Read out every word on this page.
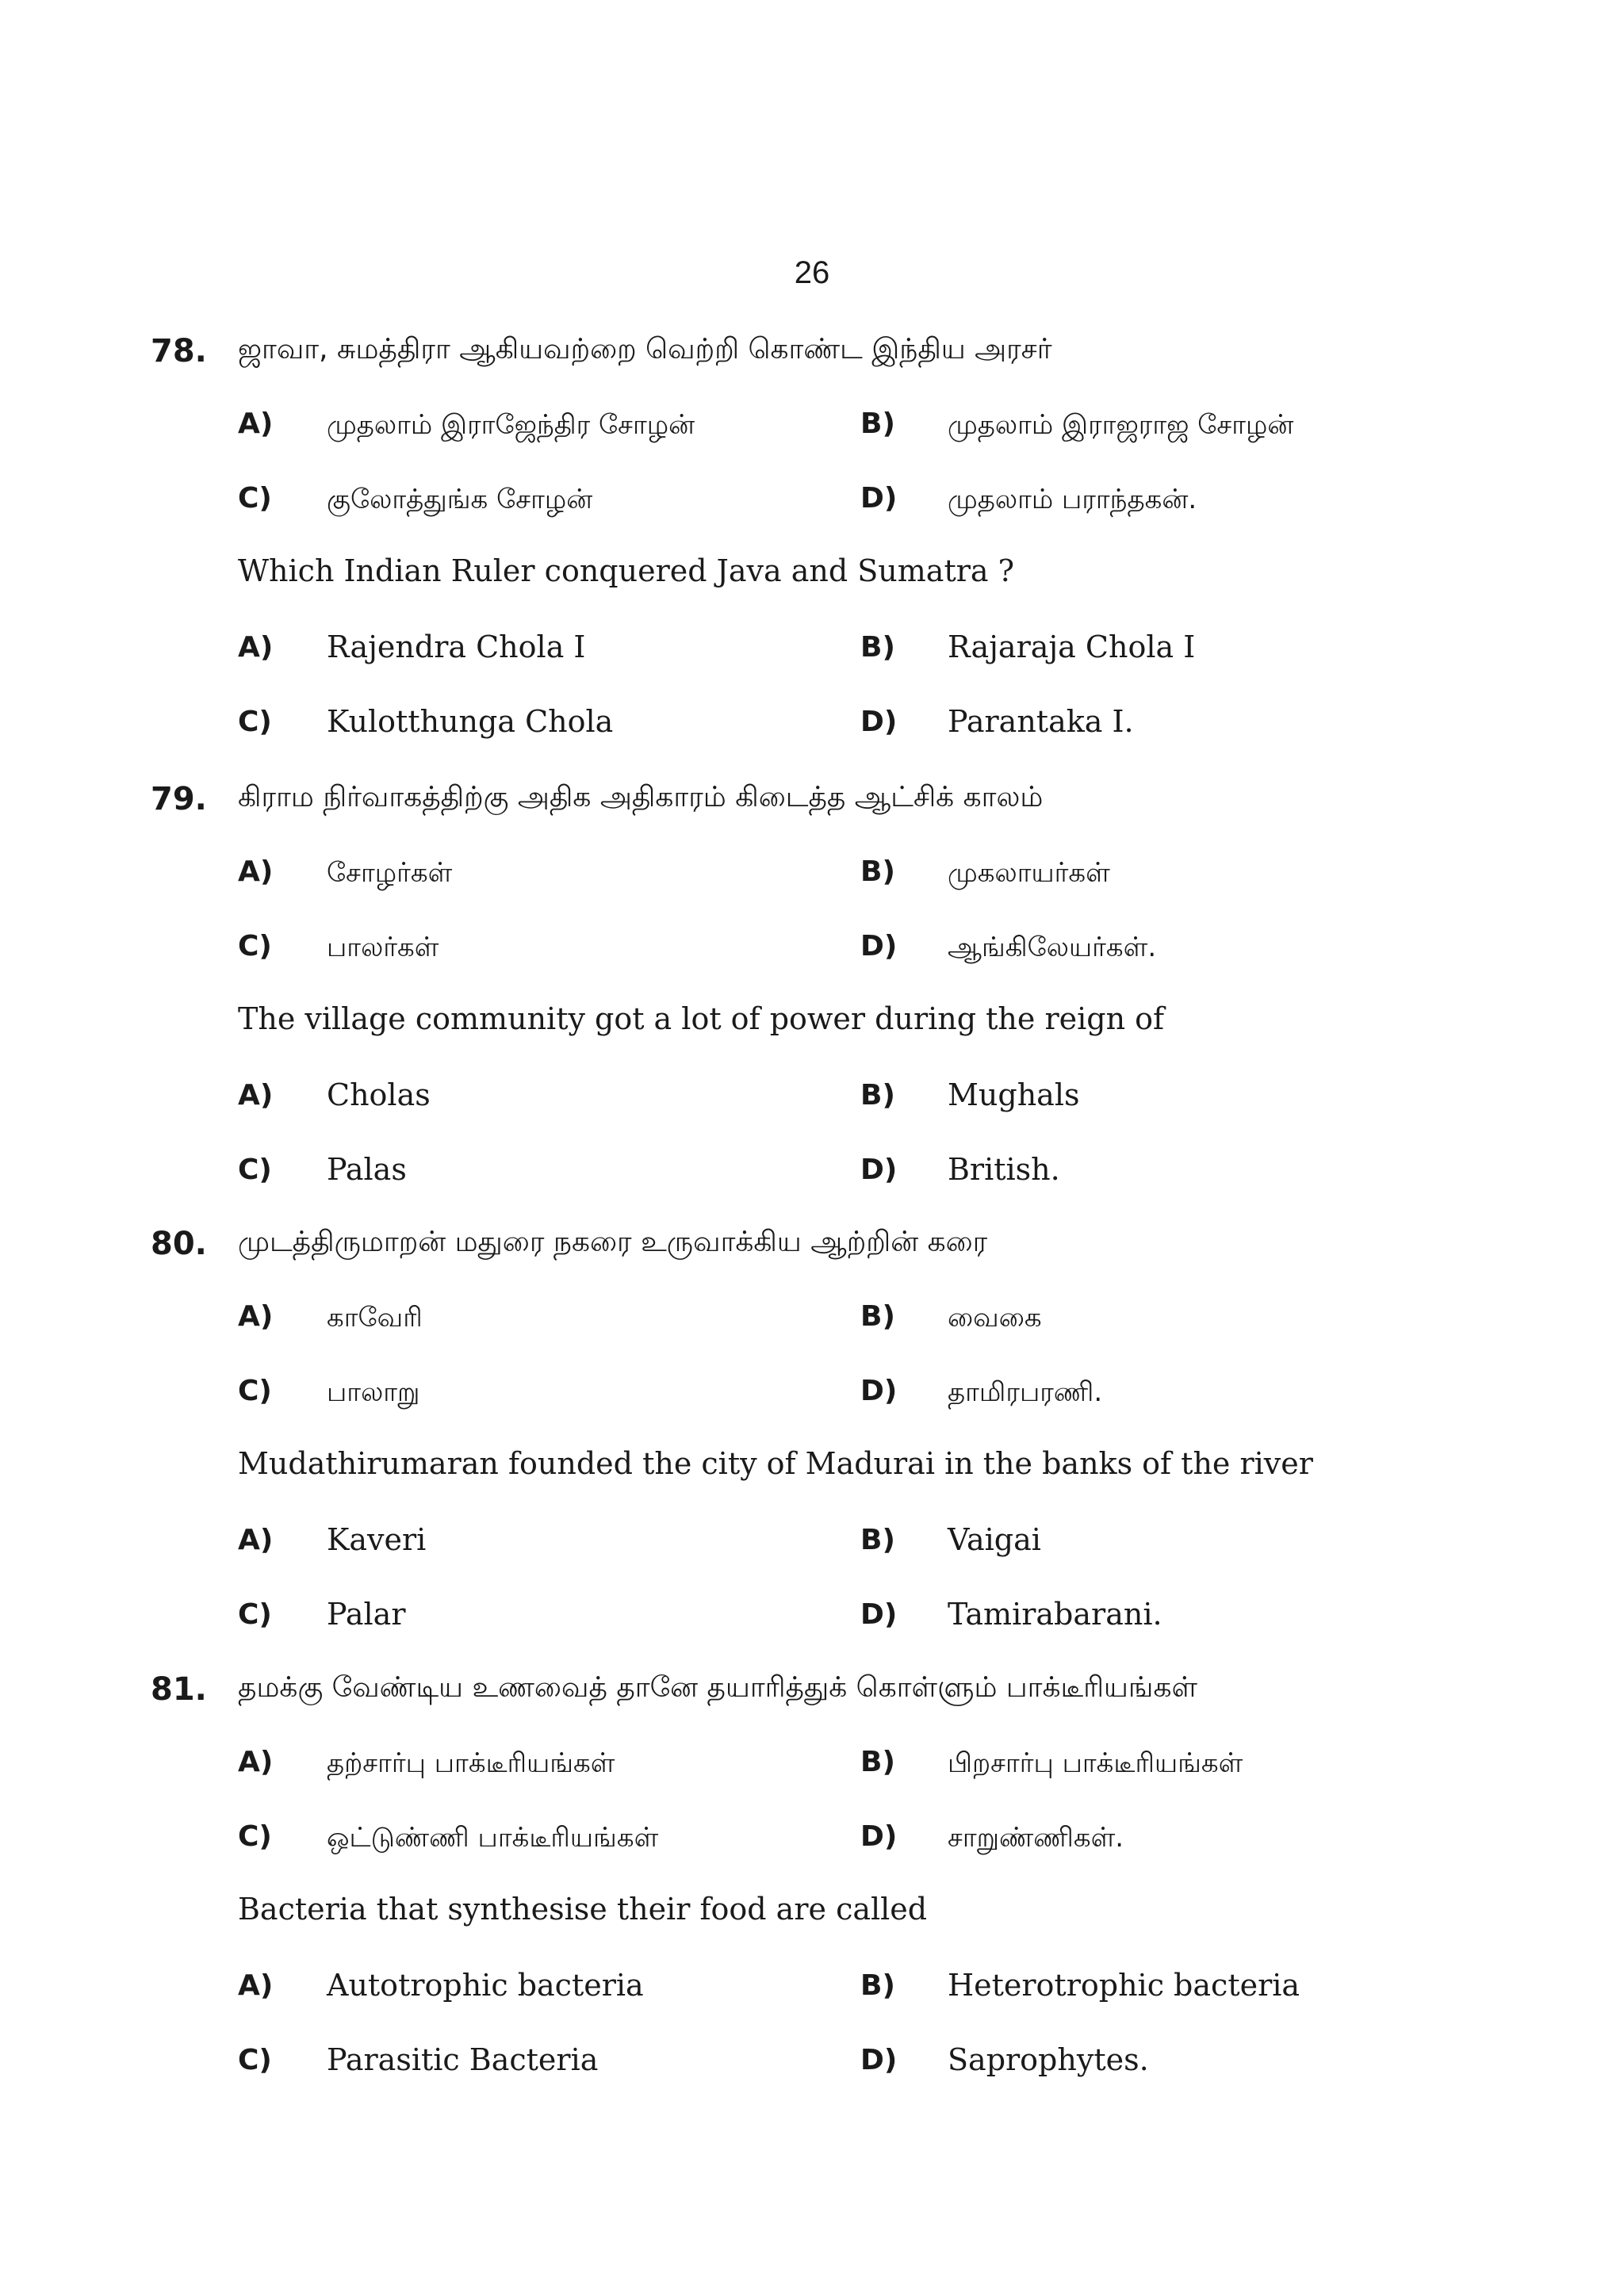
26
78. ஜாவா, சுமத்திரா ஆகியவற்றை வெற்றி கொண்ட இந்திய அரசர்
A) முதலாம் இராஜேந்திர சோழன்	B) முதலாம் இராஜராஜ சோழன்
C) குலோத்துங்க சோழன்	D) முதலாம் பராந்தகன்.
Which Indian Ruler conquered Java and Sumatra ?
A) Rajendra Chola I	B) Rajaraja Chola I
C) Kulotthunga Chola	D) Parantaka I.
79. கிராம நிர்வாகத்திற்கு அதிக அதிகாரம் கிடைத்த ஆட்சிக் காலம்
A) சோழர்கள்	B) முகலாயர்கள்
C) பாலர்கள்	D) ஆங்கிலேயர்கள்.
The village community got a lot of power during the reign of
A) Cholas	B) Mughals
C) Palas	D) British.
80. முடத்திருமாறன் மதுரை நகரை உருவாக்கிய ஆற்றின் கரை
A) காவேரி	B) வைகை
C) பாலாறு	D) தாமிரபரணி.
Mudathirumaran founded the city of Madurai in the banks of the river
A) Kaveri	B) Vaigai
C) Palar	D) Tamirabarani.
81. தமக்கு வேண்டிய உணவைத் தானே தயாரித்துக் கொள்ளும் பாக்டீரியங்கள்
A) தற்சார்பு பாக்டீரியங்கள்	B) பிறசார்பு பாக்டீரியங்கள்
C) ஒட்டுண்ணி பாக்டீரியங்கள்	D) சாறுண்ணிகள்.
Bacteria that synthesise their food are called
A) Autotrophic bacteria	B) Heterotrophic bacteria
C) Parasitic Bacteria	D) Saprophytes.
